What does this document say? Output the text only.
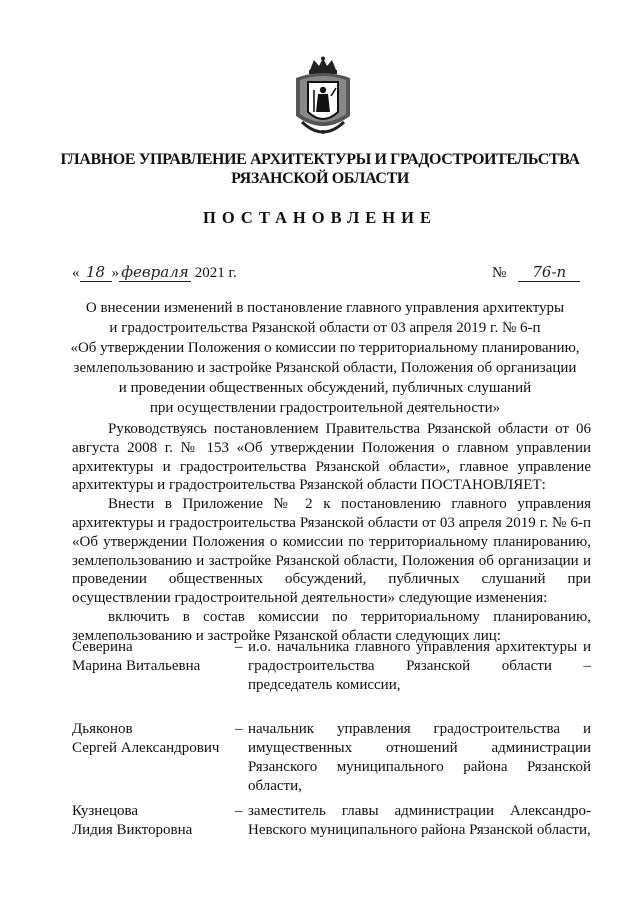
ГЛАВНОЕ УПРАВЛЕНИЕ АРХИТЕКТУРЫ И ГРАДОСТРОИТЕЛЬСТВА
РЯЗАНСКОЙ ОБЛАСТИ
ПОСТАНОВЛЕНИЕ
« 18 » февраля 2021 г.	№ 76-п
О внесении изменений в постановление главного управления архитектуры
и градостроительства Рязанской области от 03 апреля 2019 г. № 6-п
«Об утверждении Положения о комиссии по территориальному планированию,
землепользованию и застройке Рязанской области, Положения об организации
и проведении общественных обсуждений, публичных слушаний
при осуществлении градостроительной деятельности»

Руководствуясь постановлением Правительства Рязанской области от 06 августа 2008 г. № 153 «Об утверждении Положения о главном управлении архитектуры и градостроительства Рязанской области», главное управление архитектуры и градостроительства Рязанской области ПОСТАНОВЛЯЕТ:

Внести в Приложение № 2 к постановлению главного управления архитектуры и градостроительства Рязанской области от 03 апреля 2019 г. № 6-п «Об утверждении Положения о комиссии по территориальному планированию, землепользованию и застройке Рязанской области, Положения об организации и проведении общественных обсуждений, публичных слушаний при осуществлении градостроительной деятельности» следующие изменения:

включить в состав комиссии по территориальному планированию, землепользованию и застройке Рязанской области следующих лиц:

Северина
Марина Витальевна
– и.о. начальника главного управления архитектуры и градостроительства Рязанской области – председатель комиссии,
Дьяконов
Сергей Александрович
– начальник управления градостроительства и имущественных отношений администрации Рязанского муниципального района Рязанской области,
Кузнецова
Лидия Викторовна
– заместитель главы администрации Александро-Невского муниципального района Рязанской области,
